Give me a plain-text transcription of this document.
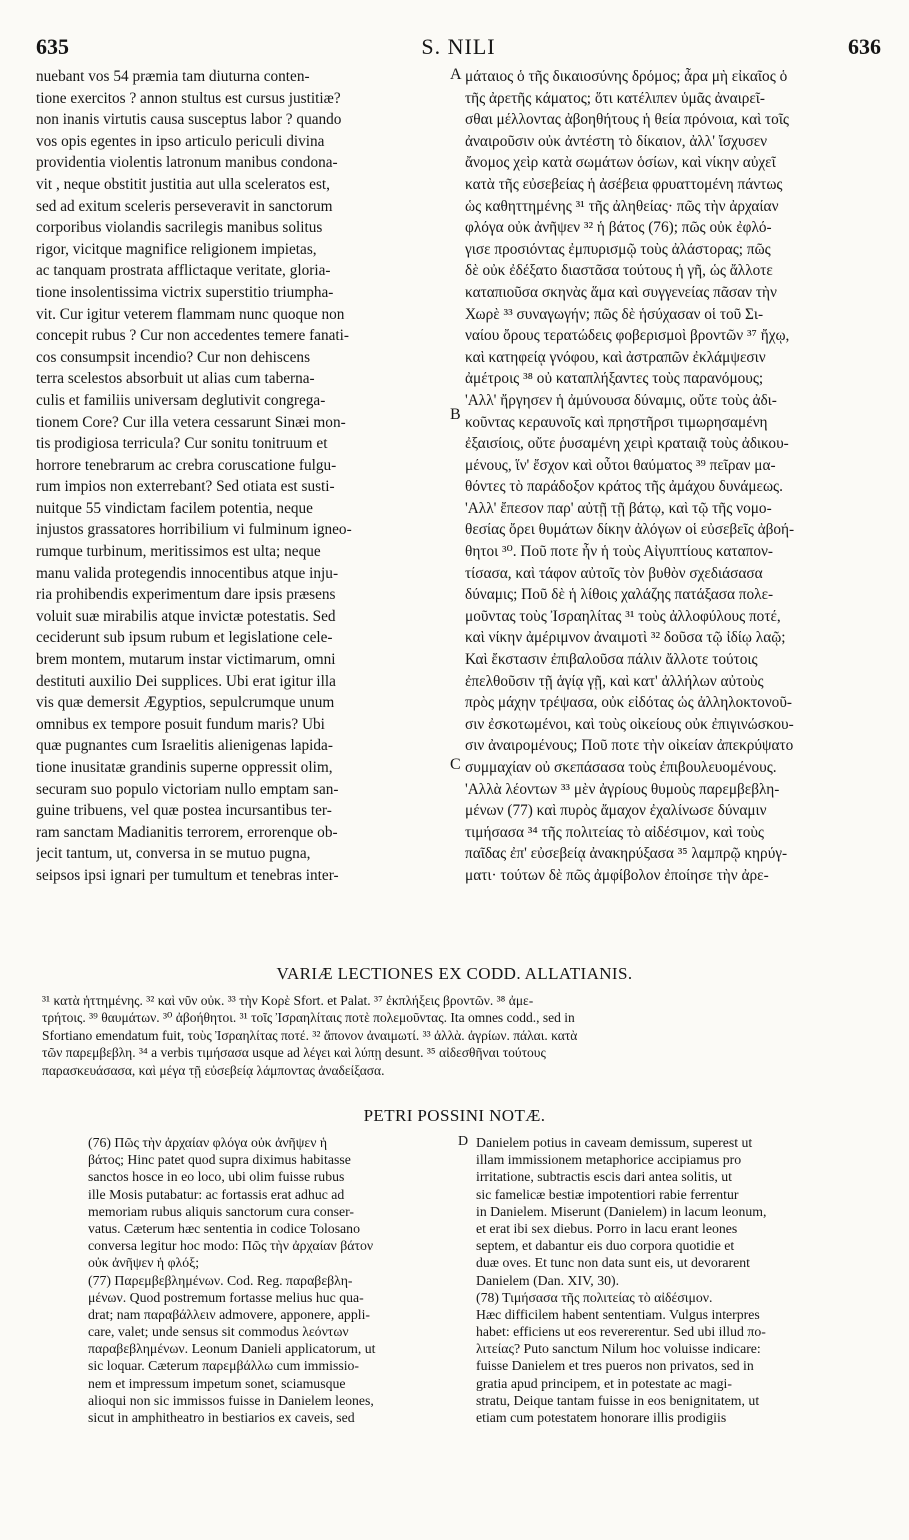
635	S. NILI	636
nuebant vos 54 præmia tam diuturna conten-
tione exercitos ? annon stultus est cursus justitiæ?
non inanis virtutis causa susceptus labor ? quando
vos opis egentes in ipso articulo periculi divina
providentia violentis latronum manibus condona-
vit , neque obstitit justitia aut ulla sceleratos est,
sed ad exitum sceleris perseveravit in sanctorum
corporibus violandis sacrilegis manibus solitus
rigor, vicitque magnifice religionem impietas,
ac tanquam prostrata afflictaque veritate, gloria-
tione insolentissima victrix superstitio triumpha-
vit. Cur igitur veterem flammam nunc quoque non
concepit rubus ? Cur non accedentes temere fanati-
cos consumpsit incendio? Cur non dehiscens
terra scelestos absorbuit ut alias cum taberna-
culis et familiis universam deglutivit congrega-
tionem Core? Cur illa vetera cessarunt Sinæi mon-
tis prodigiosa terricula? Cur sonitu tonitruum et
horrore tenebrarum ac crebra coruscatione fulgu-
rum impios non exterrebant? Sed otiata est susti-
nuitque 55 vindictam facilem potentia, neque
injustos grassatores horribilium vi fulminum igneo-
rumque turbinum, meritissimos est ulta; neque
manu valida protegendis innocentibus atque inju-
ria prohibendis experimentum dare ipsis præsens
voluit suæ mirabilis atque invictæ potestatis. Sed
ceciderunt sub ipsum rubum et legislatione cele-
brem montem, mutarum instar victimarum, omni
destituti auxilio Dei supplices. Ubi erat igitur illa
vis quæ demersit Ægyptios, sepulcrumque unum
omnibus ex tempore posuit fundum maris? Ubi
quæ pugnantes cum Israelitis alienigenas lapida-
tione inusitatæ grandinis superne oppressit olim,
securam suo populo victoriam nullo emptam san-
guine tribuens, vel quæ postea incursantibus ter-
ram sanctam Madianitis terrorem, errorenque ob-
jecit tantum, ut, conversa in se mutuo pugna,
seipsos ipsi ignari per tumultum et tenebras inter-
μάταιος ὁ τῆς δικαιοσύνης δρόμος; ἆρα μὴ εἰκαῖος ὁ
τῆς ἀρετῆς κάματος; ὅτι κατέλιπεν ὑμᾶς ἀναιρεῖ-
σθαι μέλλοντας ἀβοηθήτους ἡ θεία πρόνοια, καὶ τοῖς
ἀναιροῦσιν οὐκ ἀντέστη τὸ δίκαιον, ἀλλ' ἴσχυσεν
ἄνομος χεὶρ κατὰ σωμάτων ὁσίων, καὶ νίκην αὐχεῖ
κατὰ τῆς εὐσεβείας ἡ ἀσέβεια φρυαττομένη πάντως
ὡς καθηττημένης ³¹ τῆς ἀληθείας· πῶς τὴν ἀρχαίαν
φλόγα οὐκ ἀνῆψεν ³² ἡ βάτος (76); πῶς οὐκ ἐφλό-
γισε προσιόντας ἐμπυρισμῷ τοὺς ἀλάστορας; πῶς
δὲ οὐκ ἐδέξατο διαστᾶσα τούτους ἡ γῆ, ὡς ἄλλοτε
καταπιοῦσα σκηνὰς ἅμα καὶ συγγενείας πᾶσαν τὴν
Χωρὲ ³³ συναγωγήν; πῶς δὲ ἡσύχασαν οἱ τοῦ Σι-
ναίου ὄρους τερατώδεις φοβερισμοὶ βροντῶν ³⁷ ἤχῳ,
καὶ κατηφείᾳ γνόφου, καὶ ἀστραπῶν ἐκλάμψεσιν
ἀμέτροις ³⁸ οὐ καταπλήξαντες τοὺς παρανόμους;
'Αλλ' ἤργησεν ἡ ἀμύνουσα δύναμις, οὔτε τοὺς ἀδι-
κοῦντας κεραυνοῖς καὶ πρηστῆρσι τιμωρησαμένη
ἐξαισίοις, οὔτε ῥυσαμένη χειρὶ κραταιᾷ τοὺς ἀδικου-
μένους, ἵν' ἔσχον καὶ οὗτοι θαύματος ³⁹ πεῖραν μα-
θόντες τὸ παράδοξον κράτος τῆς ἀμάχου δυνάμεως.
'Αλλ' ἔπεσον παρ' αὐτῇ τῇ βάτῳ, καὶ τῷ τῆς νομο-
θεσίας ὄρει θυμάτων δίκην ἀλόγων οἱ εὐσεβεῖς ἀβοή-
θητοι ³⁰. Ποῦ ποτε ἦν ἡ τοὺς Αἰγυπτίους καταπον-
τίσασα, καὶ τάφον αὐτοῖς τὸν βυθὸν σχεδιάσασα
δύναμις; Ποῦ δὲ ἡ λίθοις χαλάζης πατάξασα πολε-
μοῦντας τοὺς Ἰσραηλίτας ³¹ τοὺς ἀλλοφύλους ποτέ,
καὶ νίκην ἀμέριμνον ἀναιμοτὶ ³² δοῦσα τῷ ἰδίῳ λαῷ;
Καὶ ἔκστασιν ἐπιβαλοῦσα πάλιν ἄλλοτε τούτοις
ἐπελθοῦσιν τῇ ἁγίᾳ γῇ, καὶ κατ' ἀλλήλων αὐτοὺς
πρὸς μάχην τρέψασα, οὐκ εἰδότας ὡς ἀλληλοκτονοῦ-
σιν ἐσκοτωμένοι, καὶ τοὺς οἰκείους οὐκ ἐπιγινώσκου-
σιν ἀναιρομένους; Ποῦ ποτε τὴν οἰκείαν ἀπεκρύψατο
συμμαχίαν οὐ σκεπάσασα τοὺς ἐπιβουλευομένους.
'Αλλὰ λέοντων ³³ μὲν ἀγρίους θυμοὺς παρεμβεβλη-
μένων (77) καὶ πυρὸς ἄμαχον ἐχαλίνωσε δύναμιν
τιμήσασα ³⁴ τῆς πολιτείας τὸ αἰδέσιμον, καὶ τοὺς
παῖδας ἐπ' εὐσεβείᾳ ἀνακηρύξασα ³⁵ λαμπρῷ κηρύγ-
ματι· τούτων δὲ πῶς ἀμφίβολον ἐποίησε τὴν ἀρε-
A
B
C
VARIÆ LECTIONES EX CODD. ALLATIANIS.
³¹ κατὰ ἡττημένης. ³² καὶ νῦν οὐκ. ³³ τὴν Κορὲ Sfort. et Palat. ³⁷ ἐκπλήξεις βροντῶν. ³⁸ ἀμε-
τρήτοις. ³⁹ θαυμάτων. ³⁰ ἀβοήθητοι. ³¹ τοῖς Ἰσραηλίταις ποτὲ πολεμοῦντας. Ita omnes codd., sed in
Sfortiano emendatum fuit, τοὺς Ἰσραηλίτας ποτέ. ³² ἄπονον ἀναιμωτί. ³³ ἀλλὰ. ἀγρίων. πάλαι. κατὰ
τῶν παρεμβεβλη. ³⁴ a verbis τιμήσασα usque ad λέγει καὶ λύπῃ desunt. ³⁵ αἰδεσθῆναι τούτους
παρασκευάσασα, καὶ μέγα τῇ εὐσεβείᾳ λάμποντας ἀναδείξασα.
PETRI POSSINI NOTÆ.
(76) Πῶς τὴν ἀρχαίαν φλόγα οὐκ ἀνῆψεν ἡ
βάτος; Hinc patet quod supra diximus habitasse
sanctos hosce in eo loco, ubi olim fuisse rubus
ille Mosis putabatur: ac fortassis erat adhuc ad
memoriam rubus aliquis sanctorum cura conser-
vatus. Cæterum hæc sententia in codice Tolosano
conversa legitur hoc modo: Πῶς τὴν ἀρχαίαν βάτον
οὐκ ἀνῆψεν ἡ φλόξ;
(77) Παρεμβεβλημένων. Cod. Reg. παραβεβλη-
μένων. Quod postremum fortasse melius huc qua-
drat; nam παραβάλλειν admovere, apponere, appli-
care, valet; unde sensus sit commodus λεόντων
παραβεβλημένων. Leonum Danieli applicatorum, ut
sic loquar. Cæterum παρεμβάλλω cum immissio-
nem et impressum impetum sonet, sciamusque
alioqui non sic immissos fuisse in Danielem leones,
sicut in amphitheatro in bestiarios ex caveis, sed
D Danielem potius in caveam demissum, superest ut
illam immissionem metaphorice accipiamus pro
irritatione, subtractis escis dari antea solitis, ut
sic famelicæ bestiæ impotentiori rabie ferrentur
in Danielem. Miserunt (Danielem) in lacum leonum,
et erat ibi sex diebus. Porro in lacu erant leones
septem, et dabantur eis duo corpora quotidie et
duæ oves. Et tunc non data sunt eis, ut devorarent
Danielem (Dan. XIV, 30).
(78) Τιμήσασα τῆς πολιτείας τὸ αἰδέσιμον.
Hæc difficilem habent sententiam. Vulgus interpres
habet: efficiens ut eos revererentur. Sed ubi illud πο-
λιτείας? Puto sanctum Nilum hoc voluisse indicare:
fuisse Danielem et tres pueros non privatos, sed in
gratia apud principem, et in potestate ac magi-
stratu, Deique tantam fuisse in eos benignitatem, ut
etiam cum potestatem honorare illis prodigiis
